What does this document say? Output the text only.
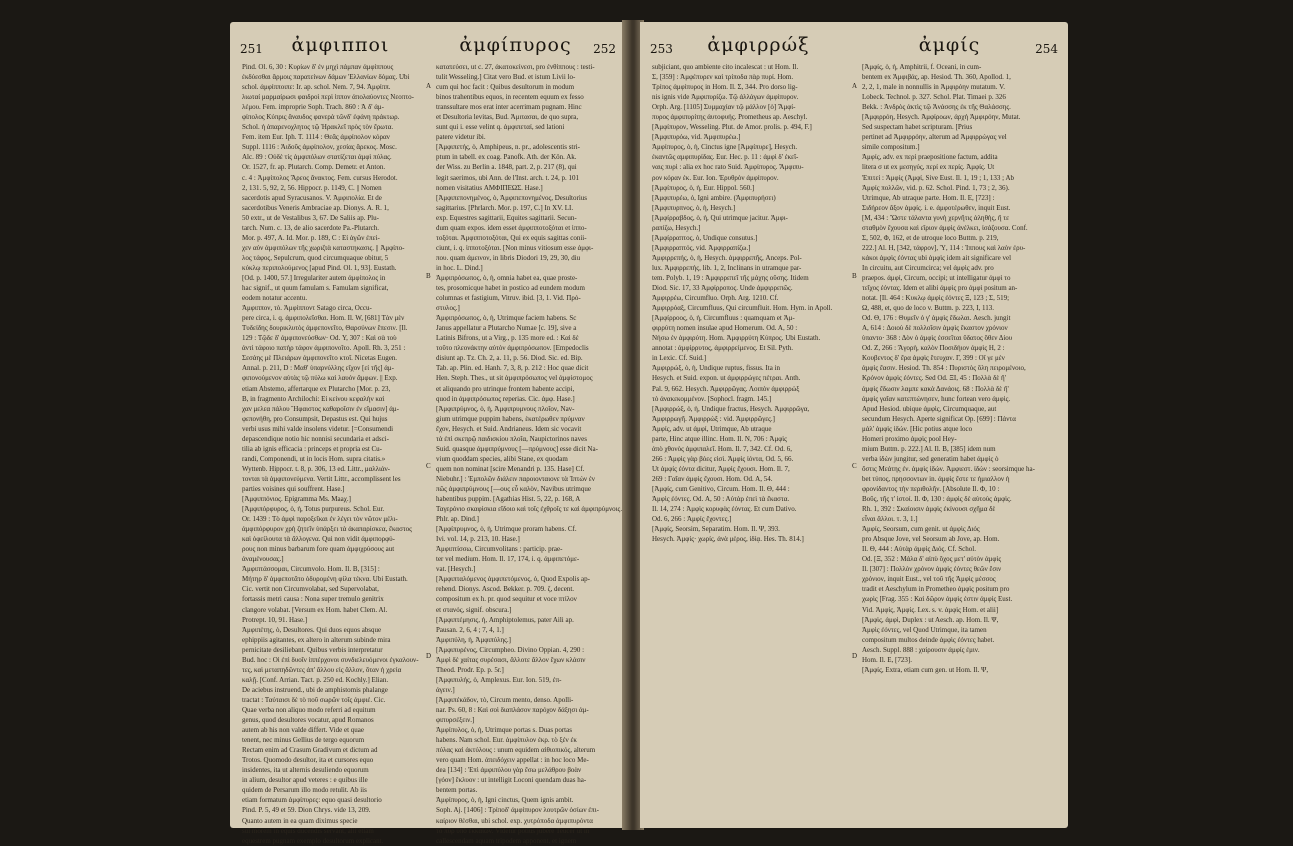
251 ἀμφιπποι
Pind. Ol. 6, 30 : Κυρίων δ' ἐν μηχὶ πάμπαν ἀμφίππους
ἐκδύεσθαι ἄρμοις παρατείνων δάμων Ἑλλανίων δόμας. Ubi
schol. ἀμφίπποιπε: Ir. ap. schol. Nem. 7, 94. Ἀμφίππ.
λιωταί μαρμαίρωσι φαιδροὶ περὶ ἱππον ἀπολαύοντες Νεοπτο-
λέμου. Fem. improprie Soph. Trach. 860 : Ἀ δ' ἀμ-
φίπολος Κύπρις ἄναυδος φανερὰ τῶνδ' ἐφάνη πράκτωρ.
Schol. ἡ ἀπαρενοχλητος τῷ Ἡρακλεῖ πρὸς τὸν ἔρωτα.
Fem. item Eur. Iph. T. 1114 : Θεᾶς ἀμφίπολον κόραν
Suppl. 1116 : Ἀιδοῦς ἀμφίπολον, χεσίας ἄρεκος. Mosc.
Alc. 89 : Οὐδὲ τίς ἀμφιπόλων στατίζεται ἀμφὶ πύλας.
Or. 1527, fr. ap. Plutarch. Comp. Demetr. et Anton.
c. 4 : Ἀμφίπολος Ἄρεος ἄνακτος. Fem. cursus Herodot.
2, 131. 5, 92, 2, 56. Hippocr. p. 1149, C. || Nomen
sacerdotis apud Syracusanos. V. Ἀμφιπολία. Et de
sacerdotibus Veneris Ambraciae ap. Dionys. A. R. 1,
50 extr., ut de Vestalibus 3, 67. De Saliis ap. Plu-
tarch. Num. c. 13, de alio sacerdote Pa.-Plutarch.
Mor. p. 497, A. Id. Mor. p. 189, C : Εἰ ἀγῶν ἐπεί-
χεν αὐν ἀμφιπόλων τῆς χωριζτὰ καταστηκασις. || Ἀμφίπο-
λος τάφος, Sepulcrum, quod circumquaque obitur, 5
κύκλῳ περιπολούμενος [apud Pind. Ol. 1, 93]. Eustath.
[Od. p. 1400, 57.] Irregulariter autem ἀμφίπολος in
hac signif., ut quum famulam s. Famulam significat,
eodem notatur accentu.
Ἀμφιππον, τὸ. Ἀμφίπποντ Satago circa, Occu-
pere circa, i. q. ἀμφιπολεῖσθαι. Hom. Il. W, [681] Τὰν μὲν
Τυδείδης δουρικλυτὸς ἀμφεπονεῖτο, Θαρσύνων ἔπεσιν. [Il.
129 : Τῷδε δ' ἀμφιπονεύσθων· Od. Υ, 307 : Καὶ σὰ τοὺ
ἀντὶ τάφοιο πατὴρ τάφον ἀμφιπονοῖτο. Apoll. Rh. 3, 251 :
Σεσάης μὲ Πλειάρων ἀμφιπονεῖτο κτοῖ. Nicetas Eugen.
Annal. p. 211, D : Μαθ' ὑπαρνύλλης εἴχον [εἰ τῆς] ἀμ-
φιπονούμενον αὐτὰς τῷ πύλω καὶ λαυόν ἄμφων. || Exp.
etiam Abstemo, affertarque ex Plutarcho [Mor. p. 23,
B, in fragmento Archilochi: Εἰ κείνου κεφαλὴν καὶ
χαν μελεα πάλου Ἥφαιστος καθαροῖσιν ἐν εἴμασιν] ἀμ-
φεπονήθη, pro Consumpsit, Depastus est. Qui hujus
verbi usus mihi valde insolens videtur. [=Consumendi
depascendique notio hic nonnisi secundaria et adsci-
tilia ab ignis efficacia : princeps et propria est Cu-
randi, Componendi, ut in locis Hom. supra citatis.»
Wyttenb. Hippocr. t. 8, p. 306, 13 ed. Littr., μαλλιάν-
τονται τὰ ἀμφιπονεύμενα. Vertit Littr., accomplissent les
parties voisines qui souffrent. Hase.]
[Ἀμφιππόνιος. Epigramma Ms. Maaχ.]
[Ἀμφιπόρφυρος, ὁ, ἡ, Totus purpureus. Schol. Eur.
Or. 1439 : Τὸ ἀμφὶ παροξεῖκαι ἐν λέγει τὸν νῶτον μέλι-
ἀμφιπόρφυρον χρὴ ζητεῖν ὑπάρξει τὰ ἀκαπαρίσκεα, ἕκαστος
καὶ ὀφείλουτα τὰ ἄλλογενα. Qui non vidit ἀμφιπορφύ-
ρους non minus barbarum fore quam ἀμφιχρύσους aut
ἀναμένουσας.]
Ἀμφιπτάσσομαι, Circumvolo. Hom. Il. B, [315] :
Μήτηρ δ' ἀμφεποτᾶτο ὀδυρομένη φίλα τέκνα. Ubi Eustath.
Cic. vertit non Circumvolabat, sed Supervolabat,
fortassis metri causa : Nona super tremulo genitrix
clangore volabat. [Versum ex Hom. habet Clem. Al.
Protrept. 10, 91. Hase.]
Ἀμφιπέτης, ὁ, Desultores. Qui duos equos absque
ephippiis agitantes, ex altero in alterum subinde mira
pernicitate desiliebant. Quibus verbis interpretatur
Bud. hoc : Οἱ ἐπὶ δυοῖν ἱππέρχονοι συνδιελευόμενοι ἐγκαλουν-
τες, καὶ μεταπηδῶντες ἀπ' ἄλλου εἰς ἄλλον, ὅταν ἡ χρεία
καλῇ. [Conf. Arrian. Tact. p. 250 ed. Kochly.] Elian.
De aciebus instruend., ubi de amphistomis phalange
tractat : Ταύταισι δὲ τὸ ποῦ σωρῶν τοῖς ἀμφιέ. Cic.
Quae verba non aliquo modo referri ad equitum
genus, quod desultores vocatur, apud Romanos
autem ab his non valde differt. Vide et quae
tenent, nec minus Gellius de tergo equorum
Rectam enim ad Crasum Gradivum et dictum ad
Trotos. Quomodo desultor, ita et cursores equo
insidentes, ita ut alternis desuliendo equorum
in alium, desultor apud veteres : e quibus ille
quidem de Persarum illo modo retulit. Ab iis
etiam formatum ἀμφίπυρες: equo quasi desultorio
Pind. P. 5, 49 et 59. Dion Chrys. vide 13, 209.
Quanto autem in ea quam diximus specie
sui morem in equis ducendis servant, alii etiam
equestrem pugnam exemplo desultorum explicant.
ἀμφίπυρος 252
κατατεύσει, ut c. 27, ἀκατοκείνεσι, pro ἐνθίππους : testi-
tulit Wesseling.] Citat vero Bud. et istum Livii lo-
cum qui hoc facit : Quibus desultorum in modum
binos trahentibus equos, in recentem equum ex fesso
transsultare mos erat inter acerrimam pugnam. Hinc
et Desultoria levitas, Bud. Ἀμιτασαι, de quo supra,
sunt qui i. esse velint q. ἀμφιπεταί, sed lationi
patere videtur ibi.
[Ἀμφιπετής, ὁ, Amphipeus, n. pr., adolescentis stri-
ptum in tabell. ex coag. Panofk. Ath. der Kön. Ak.
der Wiss. zu Berlin a. 1848, part. 2, p. 217 (8), qui
legit saerimos, ubi Ann. de l'Inst. arch. t. 24, p. 101
nomen visitatius ΑΜΦΙΠΕΩΣ. Hase.]
[Ἀμφιπεπονημένος, ὁ, Ἀμφιπεπονημένος, Desultorius
sagittarius. [Phrlarch. Mor. p. 197, C.] In XV. LI.
exp. Equestres sagittarii, Equites sagittarii. Secun-
dum quam expos. idem esset ἀμφιπποτοξόται et ἱππο-
τοξόται. Ἀμφιπποτοξόται, Qui ex equis sagittas conii-
ciunt, i. q. ἱπποτοξόται. [Non minus vitiosum esse ἀμφι-
που. quam ἀμεινον, in libris Diodori 19, 29, 30, diu
in hoc. L. Dind.]
Ἀμφιπρόσωπος, ὁ, ἡ, omnia habet ea, quae proste-
tes, prosomicque habet in postico ad eundem modum
columnas et fastigium, Vitruv. ibid. [3, 1. Vid. Πρό-
στυλος.]
Ἀμφιπρόσωπος, ὁ, ἡ, Utrimque faciem habens. Sc
Janus appellatur a Plutarcho Numae [c. 19], sive a
Latinis Bifrons, ut a Virg., p. 135 more ed. : Καὶ δὲ
τοῦτο πλεονάκτην αὐτὸν ἀμφιπρόσωπον. [Empedoclis
disiunt ap. Tz. Ch. 2, a. 11, p. 56. Diod. Sic. ed. Bip.
Tab. ap. Plin. ed. Hanh. 7, 3, 8, p. 212 : Hoc quae dicit
Hen. Steph. Thes., ut sit ἀμφιπρόσωπος vel ἀμφίστομος
et aliquando pro utrinque frontem habente accipi,
quod in ἀμφιπρόσωπος reperias. Cic. ἀμφ. Hase.]
[Ἀμφιπρύμνος, ὁ, ἡ, Ἀμφιπρυμνους πλοῖον, Nav-
gium utrimque puppim habens, ἑκατέρωθεν πρύμναν
ἔχον, Hesych. et Suid. Andrianeus. Idem sic vocavit
τὰ ἐπὶ σκεπρῷ παιδισκίου πλοῖα, Naupictorinos naves
Suid. quasque ἀμφιπρύμνους [—πρύμνους] esse dicit Na-
vium quoddam species, alibi Stane, ex quodam
quem non nominat [scire Menandri p. 135. Hase] Cf.
Niebuhr.] : Ἐμπολῶν διάλειν παροιονταιονε τὰ Ἰπτών ἐν
πῶς ἀμφιπρύμνους [—ους εὖ καλὸν, Navibus utrimque
habentibus puppim. [Agathias Hist. 5, 22, p. 168, A
Ταγερόνιο σκαφίσκια εἴδοιο καὶ τοῖς ἐχθροῖς τε καὶ ἀμφιπρύμνοις.
Phlr. ap. Dind.]
[Ἀμφίπρυμνος, ὁ, ἡ, Utrimque proram habens. Cf.
Ivi. vol. 14, p. 213, 10. Hase.]
Ἀμφιπτίσσω, Circumvolitans : particip. prae-
ter vel medium. Hom. Il. 17, 174, i. q. ἀμφιπετόμε-
vat. [Hesych.]
[Ἀμφιπταλόμενος ἀμφιπετόμενος, ὁ, Quod Expolis ap-
rehend. Dionys. Ascod. Bekker. p. 709. ζ, decent.
compositum ex h. pr. quod sequitur et voce πτίλον
et στανός, signif. obscura.]
[Ἀμφιπτέμησις, ἡ, Amphiptolemus, pater Aili ap.
Pausan. 2, 6, 4 ; 7, 4, 1.]
Ἀμφιπύλη, ἡ, Ἀμφιπύλης.]
[Ἀμφιπυρένος, Circumpheo. Divino Oppian. 4, 290 :
Ἀμφὶ δὲ χαίτας συρέσασι, ἄλλοτε ἄλλον ἔχων κλάσιν
Theod. Prodr. Ep. p. 5r.]
[Ἀμφιπυλής, ὁ, Amplexus. Eur. Ion. 519, ἐπ-
άγειν.]
[Ἀμφιπέκάδον, τὸ, Circum mento, denso. Apolli-
nar. Ps. 60, 8 : Καὶ σοὶ διαπλάσον παρόχον δάξησι ἀμ-
φιπυρσέξειν.]
Ἀμφίπυλος, ὁ, ἡ, Utrimque portas s. Duas portas
habens. Nam schol. Eur. ἀμφίπυλον ἐκρ. τὸ ξέν ἐκ
πύλας καὶ ἀκτύλους : unum equidem αἱθιοπικός, alterum
vero quam Hom. ἀπειδόχειν appellat : in hoc loco Me-
dea [134] : Ἐπὶ ἀμφιπύλου γὰρ ἔσω μελάθρου βοὰν
[γόον] ἔκλυον : ut intelligit Loconi quendam duas ha-
bentem portas.
Ἀμφίπυρος, ὁ, ἡ, Igni cinctus, Quem ignis ambit.
Soph. Aj. [1406] : Τρίποδ' ἀμφίπυρον λουτρῶν ὁσίων ἐπι-
καίριον θέσθαι, ubi schol. exp. χυτρόποδα ἀμφιπυρόντα
τὸ πῦρ ὑπὸ ἐκκαίων. Videtur potius jubere Teucer ut in
callescendam aquam tripodem apponent, et ignem
A
B
C
D
253 ἀμφιρρώξ
subjiciant, quo ambiente cito incalescat : ut Hom. Il.
Σ, [359] : Ἀμφέπυρεν καὶ τρίποδα πὰρ πυρί. Hom.
Τρίπος ἀμφίπυρος in Hom. Il. Σ, 344. Pro dorso lig-
nis ignis vide Ἀμφιπυρίζω. Τῷ ἀλλάγων ἀμφίπυρον.
Orph. Arg. [1105] Συμμαχίαν τῷ μάλλον [ὁ] Ἄμφί-
πυρος ἀμφιπυρίτης ἀυτοφυής. Prometheus ap. Aeschyl.
[Ἀμφίπυρον, Wesseling. Plut. de Amor. prolis. p. 494, F.]
[Ἀμφιπυρόω, vid. Ἀμφιπυρέω.]
Ἀμφίπυρος, ὁ, ἡ, Cinctus igne [Ἀμφίπυρε], Hesych.
ἐκαντῶς αμφιπυρίδας. Eur. Hec. p. 11 : ἀμφὶ δ' ἐκεῖ-
ναις πυρὶ : alia ex hoc rato Suid. Ἀμφίπυρος. Ἄμφιπυ-
ρον κόραν ἐκ. Eur. Ion. Ἐρυθρὸν ἀμφίπυρον.
[Ἀμφίπυρος, ὁ, ἡ, Eur. Hippol. 560.]
[Ἀμφιπυρέω, ὁ, Igni ambire. (Ἀμφιπυρήσει)
[Ἀμφιπυρπνος, ὁ, ἡ, Hesych.]
[Ἀμφίρραβδος, ὁ, ἡ, Qui utrimque jacitur. Ἀμφι-
ραπίζω, Hesych.]
[Ἀμφίρραπτος, ὁ, Undique consutus.]
[Ἀμφιρραπτός, vid. Ἀμφιρραπίζω.]
Ἀμφιρρεπής, ὁ, ἡ, Hesych. ἀμφιρρεπῆς, Anceps. Pol-
lux. Ἀμφιρρεπής, lib. 1, 2, Inclinans in utramque par-
tem. Polyb. 1, 19 : Ἀμφιρρεπεῖ τῆς μάχης οὔσης. Itidem
Diod. Sic. 17, 33 Ἀμφίρροπος. Unde ἀμφιρρεπῶς.
Ἀμφιρρέω, Circumfluo. Orph. Arg. 1210. Cf.
Ἀμφιρρόαξ, Circumfluus, Qui circumfluit. Hom. Hym. in Apoll.
[Ἀμφίρροος, ὁ, ἡ, Circumfluus : quamquam et Ἀμ-
φιρρύτη nomen insulae apud Homerum. Od. A, 50 :
Νήσω ἐν ἀμφιρύτη. Hom. Ἀμφιρρύτη Κύπρος. Ubi Eustath.
annotat : ἀμφίρρυτος, ἀμφιρρείμενος. Et Sil. Pyth.
in Lexic. Cf. Suid.]
Ἀμφιρρώξ, ὁ, ἡ, Undique ruptus, fissus. Ita in
Hesych. et Suid. expon. ut ἀμφιρρώγες πέτραι. Anth.
Pal. 9, 662. Hesych. Ἀμφιρρῶγας. Λοιπὸν ἀμφιρρώξ
τὸ ἀνακεκομμένον. [Sophocl. fragm. 145.]
[Ἀμφιρρώξ, ὁ, ἡ, Undique fractus, Hesych. Ἀμφιρρῶγα,
Ἀμφιρρωγῆ. Ἀμφιρρώξ : vid. Ἀμφιρρῶγες.]
Ἀμφίς, adv. ut ἀμφί, Utrimque, Ab utraque
parte, Hinc atque illinc. Hom. Il. N, 706 : Ἀμφὶς
ἀπὸ χθονὸς ἀμφιπαλεῖ. Hom. Il. 7, 342. Cf. Od. 6,
266 : Ἀμφὶς γὰρ βόες εἰσὶ. Ἀμφὶς ἰόντα, Od. 5, 66.
Ut ἀμφίς ἐόντα dicitur, Ἀμφίς ἔχουσι. Hom. Il. 7,
269 : Γαῖαν ἀμφὶς ἔχουσι. Hom. Od. A, 54.
[Ἀμφίς, cum Genitivo, Circum. Hom. Il. Θ, 444 :
Ἀμφὶς ἐόντες. Od. Α, 50 : Αὐτὰρ ἐπεὶ τὰ ἕκαστα.
Il. 14, 274 : Ἀμφὶς κορυφὰς ἐόντας. Et cum Dativo.
Od. 6, 266 : Ἀμφίς ἔχοντες.]
[Ἀμφίς, Seorsim, Separatim. Hom. Il. Ψ, 393.
Hesych. Ἀμφίς· χωρίς, ἀνὰ μέρος, ἰδίᾳ. Hes. Th. 814.]
ἀμφίς	254
[Ἀμφίς, ὁ, ἡ, Amphitrii, f. Oceani, in cum-
bentem ex Ἀμφιβάς, ap. Hesiod. Th. 360, Apollod. 1,
2, 2, 1, male in nonnullis in Ἀμφιρόην mutatum. V.
Lobeck. Technol. p. 327. Schol. Plat. Timaei p. 326
Bekk. : Ἀνδρὸς ἀκτὶς τῷ Ἀνάσσης ἐκ τῆς Θαλάσσης.
[Ἀμφιρρόη, Hesych. Ἀμφίροων, ἀρχή Ἀμφιρόην, Mutat.
Sed suspectam habet scripturam. [Prius
pertinet ad Ἀμφιρρόην, alterum ad Ἀμφιρρώγας vel
simile compositum.]
Ἀμφίς, adv. ex περί praepositione factum, addita
litera σ ut ex μεσηγύς, περί ex περίς. Ἀμφίς. Ut
Ἐπιτεί : Ἀμφίς (Ἀμφί, Sive Eust. Il. 1, 19 ; 1, 133 ; Ab
Ἀμφίς πολλῶν, vid. p. 62. Schol. Pind. 1, 73 ; 2, 36).
Utrimque, Ab utraque parte. Hom. Il. E, [723] :
Σιδήρεον ἄξον ἀμφίς. i. e. ἀμφοτέρωθεν, inquit Eust.
[M, 434 : Ὣστε τάλαντα γυνὴ χερνῆτις ἀληθὴς, ἥ τε
σταθμὸν ἔχουσα καὶ εἴριον ἀμφὶς ἀνέλκει, ἰσάζουσα. Conf.
Σ, 502, Φ, 162, et de utroque loco Buttm. p. 219,
222.] Al. Η, [342, τάφρον], Ὑ, 114 : Ἱππους καὶ λαὸν ἐρυ-
κάκοι ἀμφὶς ἐόντας ubi ἀμφὶς idem ait significare vel
In circuitu, aut Circumcirca; vel ἀμφὶς adv. pro
praepos. ἀμφί, Circum, occipi; ut intelligatur ἀμφὶ το
τεῖχος ἐόντας. Idem et alibi ἀμφὶς pro ἀμφὶ positum an-
notat. [Il. 464 : Κυκλῳ ἀμφὶς ἐόντες Ξ, 123 ; Σ, 519;
Ω, 488, et, quo de loco v. Buttm. p. 223, Ι, 113.
Od. Θ, 176 : Θυμεῖν ὁ γ' ἀμφὶς ἔδωλαι. Aesch. jungit
A, 614 : Δοιοὺ δὲ πολλοῖσιν ἀμφὶς ἔκαστον χρόνιον
ὑπαντο· 368 : Δὸν ὁ ἀμφὶς ἐσσεῖται ὕδατος ὅθεν Δίου
Od. Ζ, 266 : Ἄγορὴ, καλὸν Ποσιδήιον ἀμφὶς Η, 2 :
Κουβεντος δ' ἔρα ἀμφὶς ἔτευχαν. Γ, 399 : Οἵ γε μὲν
ἀμφὶς ἔασιν. Hesiod. Th. 854 : Πυριστὸς ὅλη πειρομένοιο,
Κρόνον ἀμφὶς ἐόντες. Sed Od. ΞΙ, 45 : Πολλὰ δὲ ἢ'
ἀμφὶς ἔδωσιν λαμπε κακὰ Δανάοις. 68 : Πολλὰ δὲ ἢ'
ἀμφὶς γαῖαν κατεπτώνησεν, hunc fortean vero ἀμφὶς.
Apud Hesiod. ubique ἀμφὶς, Circumquaque, aut
secundum Hesych. Aperte significat Op. [699] : Πάντα
μάλ' ἀμφὶς ἰδών. [Hic potius atque loco
Homeri proximo ἀμφὶς pool Hey-
mium Buttm. p. 222.] Al. Il. B, [385] idem num
verba ἰδὼν jungitur, sed generatim habet ἀμφὶς ὁ
ὄστις Μεάτης ἐν. ἀμφὶς ἰδών. Ἀμφιεστ. ἰδὼν : seorsimque ha-
bet τύπος, πρησσοντων in. ἀμφὶς ἔστε τε ἡμιαλλον ἡ
φρονίδαντος τὴν περιθολῆν. [Absolute Il. Φ, 10 :
Βοῦς, τῆς τ' ἱστοί. Il. Φ, 130 : ἀμφὶς δὲ αὐτοὺς ἀμφὶς.
Rh. 1, 392 : Σκαίοισιν ἀμφὶς ἐκίνουσι σχῆμα δὲ
εἶναι ἄλλοι. τ. 3, 1.]
Ἀμφίς, Seorsum, cum genit. ut ἀμφὶς Διός
pro Absque Jove, vel Seorsum ab Jove, ap. Hom.
Il. Θ, 444 : Αὐτὰρ ἀμφὶς Διός. Cf. Schol.
Od. [Ξ, 352 : Μάλα δ' αἰπὺ ὄχος μετ' αὐτὸν ἀμφὶς
Il. [307] : Πολλὸν χρόνον ἀμφὶς ἐόντες θεῶν ἔσιν
χρόνιον, inquit Eust., vel τοῦ τῆς Ἀμφὶς μέσσος
tradit et Aeschylum in Prometheo ἀμφὶς positum pro
χωρὶς [Frag. 355 : Καὶ δῶρον ἀμφὶς ἐστιν ἀμφίς Eust.
Vid. Ἀμφίς, Ἀμφίς. Lex. s. v. ἀμφὶς Hom. et alii]
[Ἀμφὶς, ἀμφὶ, Duplex : ut Aesch. ap. Hom. Il. Ψ,
Ἀμφὶς ἐόντες, vel Quod Utrimque, ita tamen
compositum multos deinde ἀμφὶς ἐόντες habet.
Aesch. Suppl. 888 : χαίρουσιν ἀμφίς ἐμιν.
Hom. Il. Ε, [723].
[Ἀμφίς, Extra, etiam cum gen. ut Hom. Il. Ψ,
A
B
C
D
